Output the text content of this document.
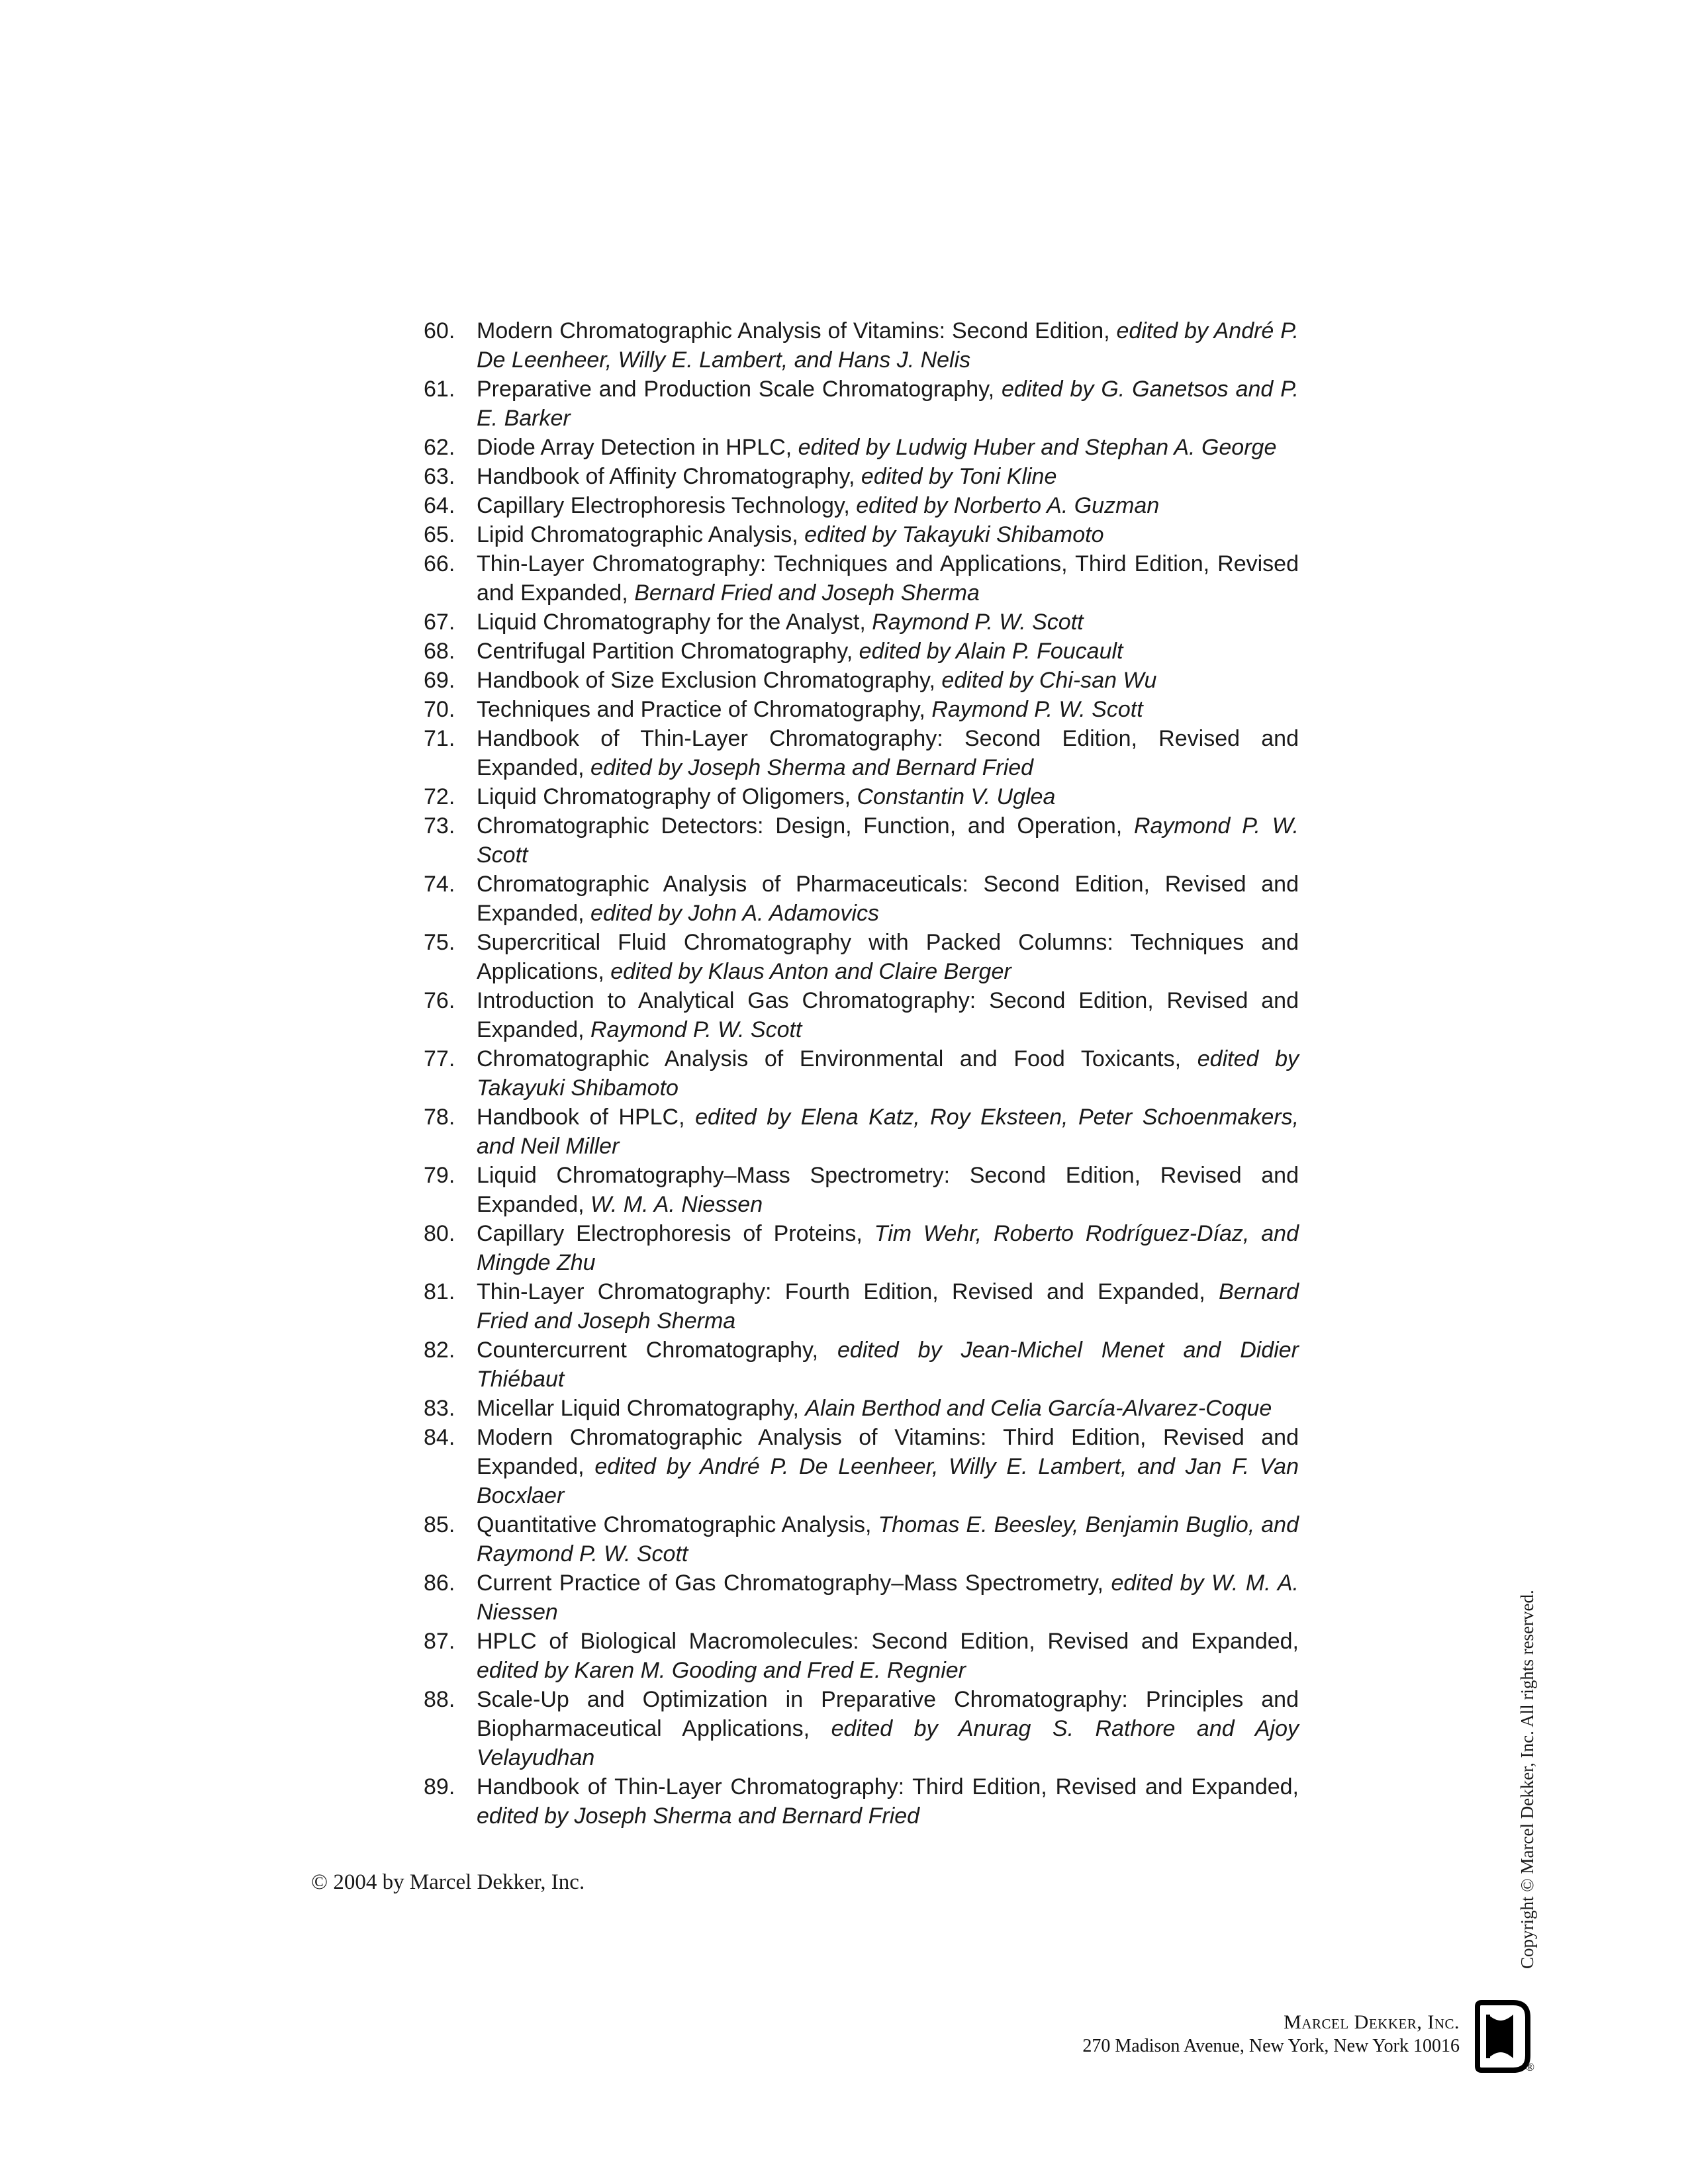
60. Modern Chromatographic Analysis of Vitamins: Second Edition, edited by André P. De Leenheer, Willy E. Lambert, and Hans J. Nelis
61. Preparative and Production Scale Chromatography, edited by G. Ganetsos and P. E. Barker
62. Diode Array Detection in HPLC, edited by Ludwig Huber and Stephan A. George
63. Handbook of Affinity Chromatography, edited by Toni Kline
64. Capillary Electrophoresis Technology, edited by Norberto A. Guzman
65. Lipid Chromatographic Analysis, edited by Takayuki Shibamoto
66. Thin-Layer Chromatography: Techniques and Applications, Third Edition, Revised and Expanded, Bernard Fried and Joseph Sherma
67. Liquid Chromatography for the Analyst, Raymond P. W. Scott
68. Centrifugal Partition Chromatography, edited by Alain P. Foucault
69. Handbook of Size Exclusion Chromatography, edited by Chi-san Wu
70. Techniques and Practice of Chromatography, Raymond P. W. Scott
71. Handbook of Thin-Layer Chromatography: Second Edition, Revised and Expanded, edited by Joseph Sherma and Bernard Fried
72. Liquid Chromatography of Oligomers, Constantin V. Uglea
73. Chromatographic Detectors: Design, Function, and Operation, Raymond P. W. Scott
74. Chromatographic Analysis of Pharmaceuticals: Second Edition, Revised and Expanded, edited by John A. Adamovics
75. Supercritical Fluid Chromatography with Packed Columns: Techniques and Applications, edited by Klaus Anton and Claire Berger
76. Introduction to Analytical Gas Chromatography: Second Edition, Revised and Expanded, Raymond P. W. Scott
77. Chromatographic Analysis of Environmental and Food Toxicants, edited by Takayuki Shibamoto
78. Handbook of HPLC, edited by Elena Katz, Roy Eksteen, Peter Schoenmakers, and Neil Miller
79. Liquid Chromatography–Mass Spectrometry: Second Edition, Revised and Expanded, W. M. A. Niessen
80. Capillary Electrophoresis of Proteins, Tim Wehr, Roberto Rodríguez-Díaz, and Mingde Zhu
81. Thin-Layer Chromatography: Fourth Edition, Revised and Expanded, Bernard Fried and Joseph Sherma
82. Countercurrent Chromatography, edited by Jean-Michel Menet and Didier Thiébaut
83. Micellar Liquid Chromatography, Alain Berthod and Celia García-Alvarez-Coque
84. Modern Chromatographic Analysis of Vitamins: Third Edition, Revised and Expanded, edited by André P. De Leenheer, Willy E. Lambert, and Jan F. Van Bocxlaer
85. Quantitative Chromatographic Analysis, Thomas E. Beesley, Benjamin Buglio, and Raymond P. W. Scott
86. Current Practice of Gas Chromatography–Mass Spectrometry, edited by W. M. A. Niessen
87. HPLC of Biological Macromolecules: Second Edition, Revised and Expanded, edited by Karen M. Gooding and Fred E. Regnier
88. Scale-Up and Optimization in Preparative Chromatography: Principles and Biopharmaceutical Applications, edited by Anurag S. Rathore and Ajoy Velayudhan
89. Handbook of Thin-Layer Chromatography: Third Edition, Revised and Expanded, edited by Joseph Sherma and Bernard Fried
© 2004 by Marcel Dekker, Inc.	Copyright © Marcel Dekker, Inc. All rights reserved.
Marcel Dekker, Inc.
270 Madison Avenue, New York, New York 10016
®
